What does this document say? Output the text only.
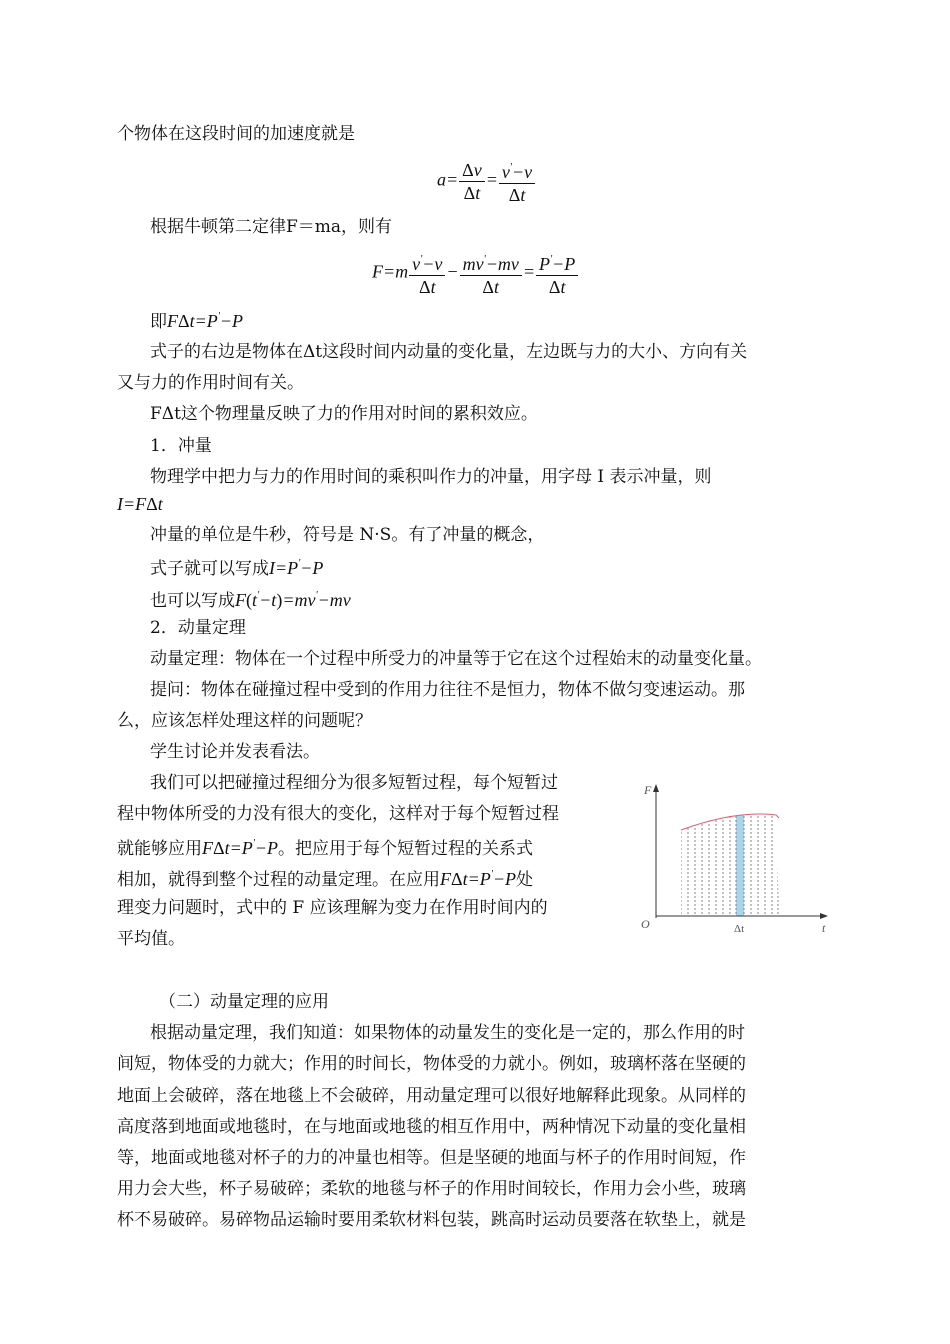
个物体在这段时间的加速度就是
$a= \frac{\Delta v}{\Delta t} = \frac{v'-v}{\Delta t}$
根据牛顿第二定律F＝ma，则有
$F=m \frac{v'-v}{\Delta t} - \frac{mv'-mv}{\Delta t} = \frac{P'-P}{\Delta t}$
即FΔt=P'−P
式子的右边是物体在Δt这段时间内动量的变化量，左边既与力的大小、方向有关
又与力的作用时间有关。
FΔt这个物理量反映了力的作用对时间的累积效应。
1．冲量
物理学中把力与力的作用时间的乘积叫作力的冲量，用字母 I 表示冲量，则
I=FΔt
冲量的单位是牛秒，符号是 N·S。有了冲量的概念，
式子就可以写成I=P'−P
也可以写成F(t'−t)=mv'−mv
2．动量定理
动量定理：物体在一个过程中所受力的冲量等于它在这个过程始末的动量变化量。
提问：物体在碰撞过程中受到的作用力往往不是恒力，物体不做匀变速运动。那
么，应该怎样处理这样的问题呢？
学生讨论并发表看法。
我们可以把碰撞过程细分为很多短暂过程，每个短暂过
程中物体所受的力没有很大的变化，这样对于每个短暂过程
就能够应用FΔt=P'−P。把应用于每个短暂过程的关系式
相加，就得到整个过程的动量定理。在应用FΔt=P'−P处
理变力问题时，式中的 F 应该理解为变力在作用时间内的
平均值。
F
t
O	Δt
（二）动量定理的应用
根据动量定理，我们知道：如果物体的动量发生的变化是一定的，那么作用的时
间短，物体受的力就大；作用的时间长，物体受的力就小。例如，玻璃杯落在坚硬的
地面上会破碎，落在地毯上不会破碎，用动量定理可以很好地解释此现象。从同样的
高度落到地面或地毯时，在与地面或地毯的相互作用中，两种情况下动量的变化量相
等，地面或地毯对杯子的力的冲量也相等。但是坚硬的地面与杯子的作用时间短，作
用力会大些，杯子易破碎；柔软的地毯与杯子的作用时间较长，作用力会小些，玻璃
杯不易破碎。易碎物品运输时要用柔软材料包装，跳高时运动员要落在软垫上，就是
